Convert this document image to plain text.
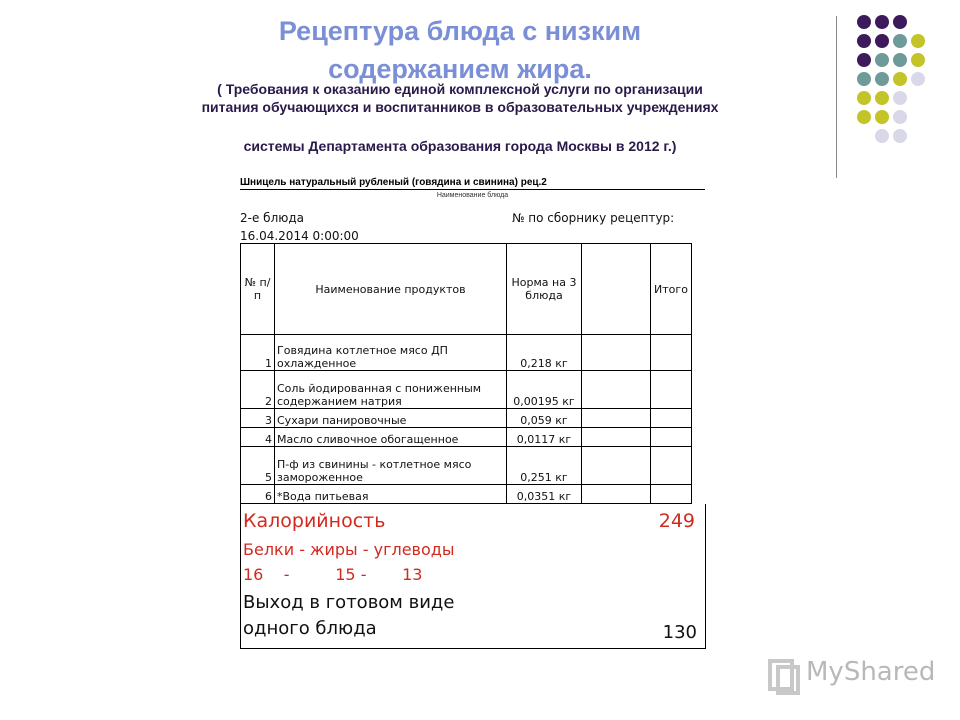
Рецептура блюда с низким
содержанием жира.
( Требования к оказанию единой комплексной услуги по организации
питания обучающихся и воспитанников в образовательных учреждениях
системы Департамента образования города Москвы в 2012 г.)
Шницель натуральный рубленый (говядина и свинина) рец.2
Наименование блюда
2-е блюда	№ по сборнику рецептур:
16.04.2014 0:00:00
№ п/п	Наименование продуктов	Норма на 3 блюда		Итого
1	Говядина котлетное мясо ДП охлажденное	0,218 кг		
2	Соль йодированная с пониженным содержанием натрия	0,00195 кг		
3	Сухари панировочные	0,059 кг		
4	Масло сливочное обогащенное	0,0117 кг		
5	П-ф из свинины - котлетное мясо замороженное	0,251 кг		
6	*Вода питьевая	0,0351 кг		
Калорийность	249
Белки - жиры - углеводы
16    -         15 -       13
Выход в готовом виде
одного блюда	130
MyShared
